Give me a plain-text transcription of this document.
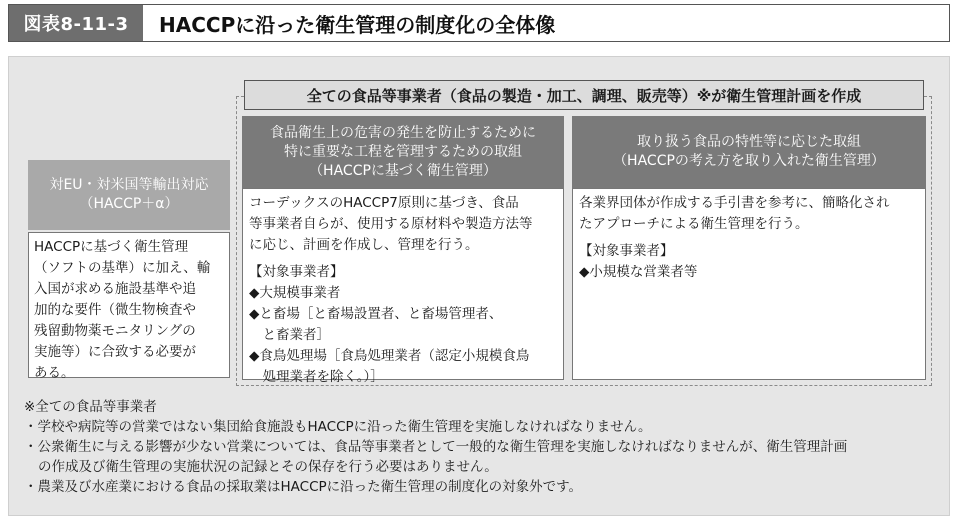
図表8-11-3	HACCPに沿った衛生管理の制度化の全体像
全ての食品等事業者（食品の製造・加工、調理、販売等）※が衛生管理計画を作成
対EU・対米国等輸出対応
（HACCP＋α）

HACCPに基づく衛生管理

（ソフトの基準）に加え、輸

入国が求める施設基準や追

加的な要件（微生物検査や

残留動物薬モニタリングの

実施等）に合致する必要が

ある。

食品衛生上の危害の発生を防止するために
特に重要な工程を管理するための取組
（HACCPに基づく衛生管理）

コーデックスのHACCP7原則に基づき、食品

等事業者自らが、使用する原材料や製造方法等

に応じ、計画を作成し、管理を行う。

【対象事業者】

◆大規模事業者

◆と畜場［と畜場設置者、と畜場管理者、

　と畜業者］

◆食鳥処理場［食鳥処理業者（認定小規模食鳥

　処理業者を除く。）］

取り扱う食品の特性等に応じた取組
（HACCPの考え方を取り入れた衛生管理）

各業界団体が作成する手引書を参考に、簡略化され

たアプローチによる衛生管理を行う。

【対象事業者】

◆小規模な営業者等

※全ての食品等事業者

・学校や病院等の営業ではない集団給食施設もHACCPに沿った衛生管理を実施しなければなりません。

・公衆衛生に与える影響が少ない営業については、食品等事業者として一般的な衛生管理を実施しなければなりませんが、衛生管理計画

の作成及び衛生管理の実施状況の記録とその保存を行う必要はありません。

・農業及び水産業における食品の採取業はHACCPに沿った衛生管理の制度化の対象外です。
